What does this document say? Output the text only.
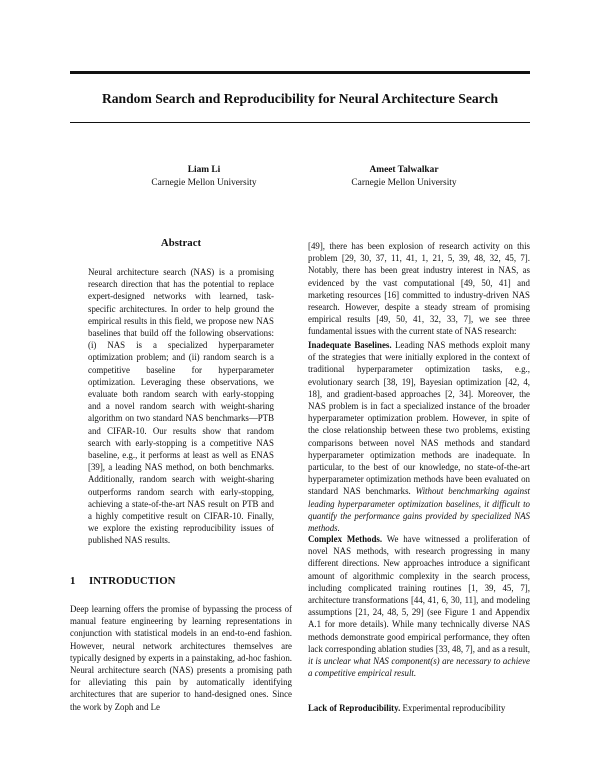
Random Search and Reproducibility for Neural Architecture Search
Liam Li
Carnegie Mellon University
Ameet Talwalkar
Carnegie Mellon University
Abstract

Neural architecture search (NAS) is a promising research direction that has the potential to replace expert-designed networks with learned, task-specific architectures. In order to help ground the empirical results in this field, we propose new NAS baselines that build off the following observations: (i) NAS is a specialized hyperparameter optimization problem; and (ii) random search is a competitive baseline for hyperparameter optimization. Leveraging these observations, we evaluate both random search with early-stopping and a novel random search with weight-sharing algorithm on two standard NAS benchmarks—PTB and CIFAR-10. Our results show that random search with early-stopping is a competitive NAS baseline, e.g., it performs at least as well as ENAS [39], a leading NAS method, on both benchmarks. Additionally, random search with weight-sharing outperforms random search with early-stopping, achieving a state-of-the-art NAS result on PTB and a highly competitive result on CIFAR-10. Finally, we explore the existing reproducibility issues of published NAS results.

1 INTRODUCTION

Deep learning offers the promise of bypassing the process of manual feature engineering by learning representations in conjunction with statistical models in an end-to-end fashion. However, neural network architectures themselves are typically designed by experts in a painstaking, ad-hoc fashion. Neural architecture search (NAS) presents a promising path for alleviating this pain by automatically identifying architectures that are superior to hand-designed ones. Since the work by Zoph and Le

[49], there has been explosion of research activity on this problem [29, 30, 37, 11, 41, 1, 21, 5, 39, 48, 32, 45, 7]. Notably, there has been great industry interest in NAS, as evidenced by the vast computational [49, 50, 41] and marketing resources [16] committed to industry-driven NAS research. However, despite a steady stream of promising empirical results [49, 50, 41, 32, 33, 7], we see three fundamental issues with the current state of NAS research:

Inadequate Baselines. Leading NAS methods exploit many of the strategies that were initially explored in the context of traditional hyperparameter optimization tasks, e.g., evolutionary search [38, 19], Bayesian optimization [42, 4, 18], and gradient-based approaches [2, 34]. Moreover, the NAS problem is in fact a specialized instance of the broader hyperparameter optimization problem. However, in spite of the close relationship between these two problems, existing comparisons between novel NAS methods and standard hyperparameter optimization methods are inadequate. In particular, to the best of our knowledge, no state-of-the-art hyperparameter optimization methods have been evaluated on standard NAS benchmarks. Without benchmarking against leading hyperparameter optimization baselines, it difficult to quantify the performance gains provided by specialized NAS methods.

Complex Methods. We have witnessed a proliferation of novel NAS methods, with research progressing in many different directions. New approaches introduce a significant amount of algorithmic complexity in the search process, including complicated training routines [1, 39, 45, 7], architecture transformations [44, 41, 6, 30, 11], and modeling assumptions [21, 24, 48, 5, 29] (see Figure 1 and Appendix A.1 for more details). While many technically diverse NAS methods demonstrate good empirical performance, they often lack corresponding ablation studies [33, 48, 7], and as a result, it is unclear what NAS component(s) are necessary to achieve a competitive empirical result.

Lack of Reproducibility. Experimental reproducibility
